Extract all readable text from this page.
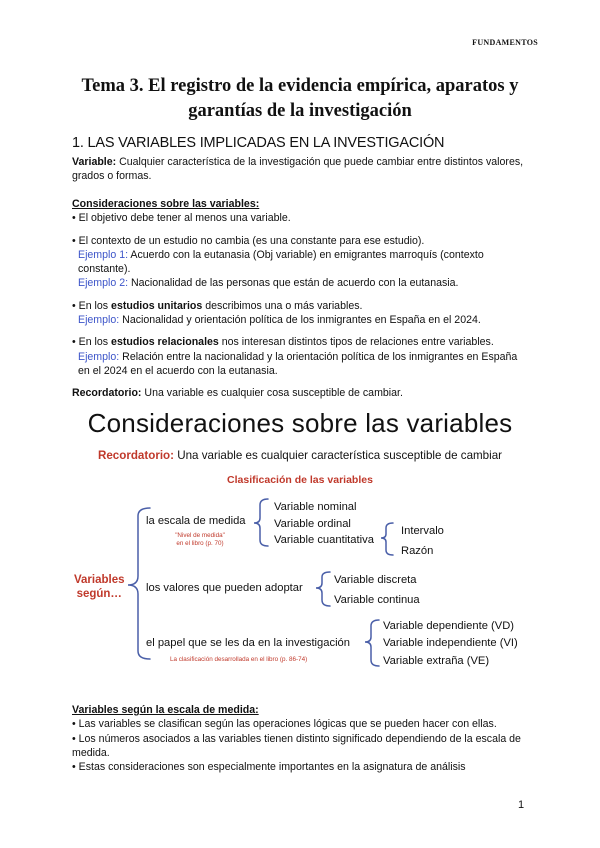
FUNDAMENTOS
Tema 3. El registro de la evidencia empírica, aparatos y
garantías de la investigación
1. LAS VARIABLES IMPLICADAS EN LA INVESTIGACIÓN
Variable: Cualquier característica de la investigación que puede cambiar entre distintos valores, grados o formas.
Consideraciones sobre las variables:
• El objetivo debe tener al menos una variable.
• El contexto de un estudio no cambia (es una constante para ese estudio).
Ejemplo 1: Acuerdo con la eutanasia (Obj variable) en emigrantes marroquís (contexto constante).
Ejemplo 2: Nacionalidad de las personas que están de acuerdo con la eutanasia.
• En los estudios unitarios describimos una o más variables.
Ejemplo: Nacionalidad y orientación política de los inmigrantes en España en el 2024.
• En los estudios relacionales nos interesan distintos tipos de relaciones entre variables.
Ejemplo: Relación entre la nacionalidad y la orientación política de los inmigrantes en España en el 2024 en el acuerdo con la eutanasia.
Recordatorio: Una variable es cualquier cosa susceptible de cambiar.
Consideraciones sobre las variables
Recordatorio: Una variable es cualquier característica susceptible de cambiar
Clasificación de las variables
Variables
según…
la escala de medida
"Nivel de medida"
en el libro (p. 70)
Variable nominal
Variable ordinal
Variable cuantitativa
Intervalo
Razón
los valores que pueden adoptar
Variable discreta
Variable continua
el papel que se les da en la investigación
La clasificación desarrollada en el libro (p. 86-74)
Variable dependiente (VD)
Variable independiente (VI)
Variable extraña (VE)
Variables según la escala de medida:
• Las variables se clasifican según las operaciones lógicas que se pueden hacer con ellas.
• Los números asociados a las variables tienen distinto significado dependiendo de la escala de medida.
• Estas consideraciones son especialmente importantes en la asignatura de análisis
1
